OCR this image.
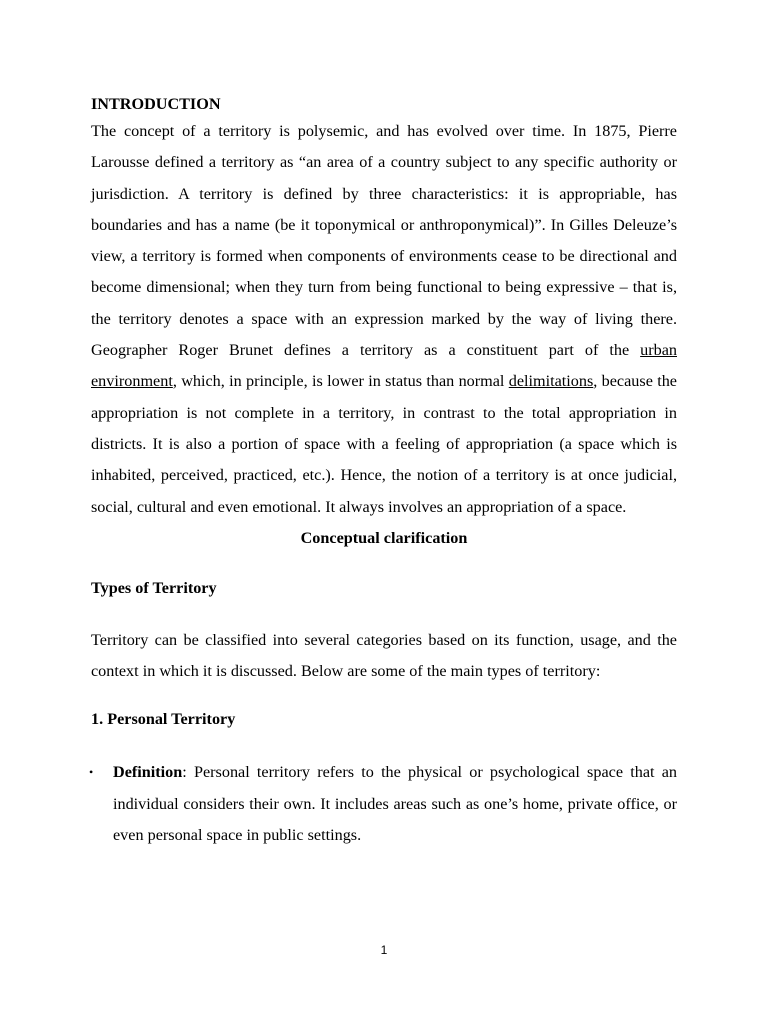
INTRODUCTION

The concept of a territory is polysemic, and has evolved over time. In 1875, Pierre Larousse defined a territory as “an area of a country subject to any specific authority or jurisdiction. A territory is defined by three characteristics: it is appropriable, has boundaries and has a name (be it toponymical or anthroponymical)”. In Gilles Deleuze’s view, a territory is formed when components of environments cease to be directional and become dimensional; when they turn from being functional to being expressive – that is, the territory denotes a space with an expression marked by the way of living there. Geographer Roger Brunet defines a territory as a constituent part of the urban environment, which, in principle, is lower in status than normal delimitations, because the appropriation is not complete in a territory, in contrast to the total appropriation in districts. It is also a portion of space with a feeling of appropriation (a space which is inhabited, perceived, practiced, etc.). Hence, the notion of a territory is at once judicial, social, cultural and even emotional. It always involves an appropriation of a space.

Conceptual clarification

Types of Territory

Territory can be classified into several categories based on its function, usage, and the context in which it is discussed. Below are some of the main types of territory:

1. Personal Territory

• Definition: Personal territory refers to the physical or psychological space that an individual considers their own. It includes areas such as one’s home, private office, or even personal space in public settings.
1
